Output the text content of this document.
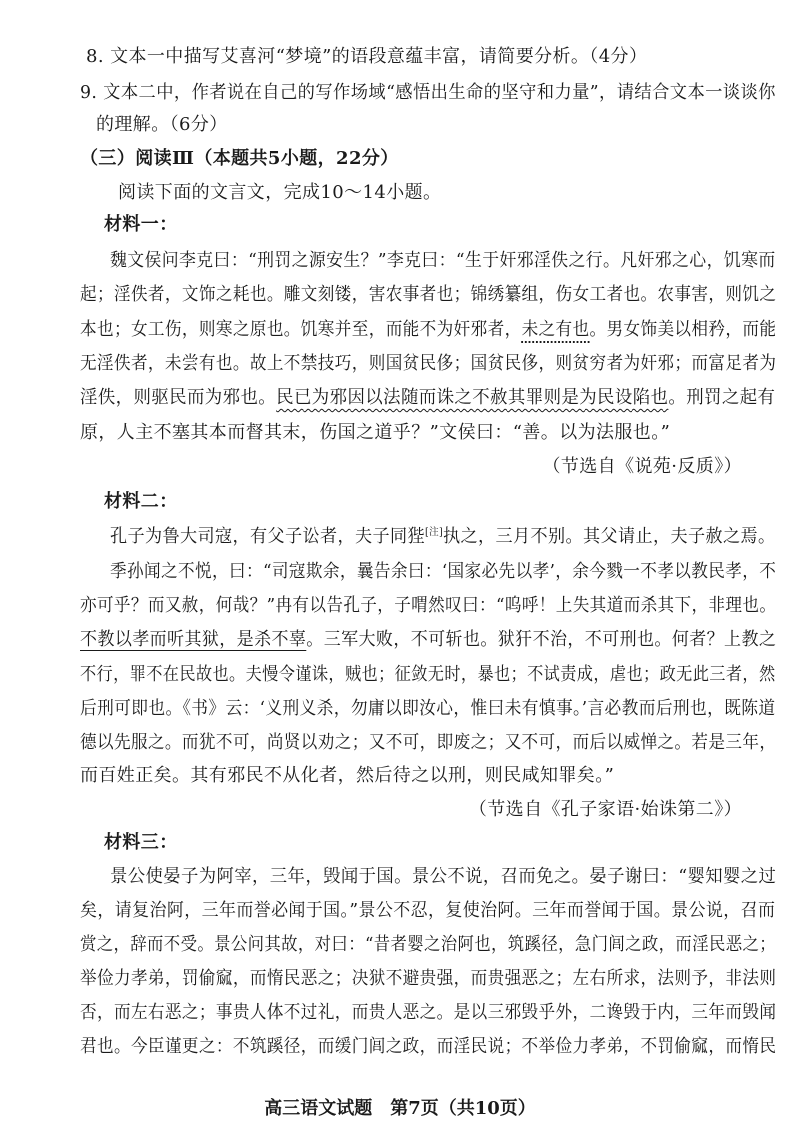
8. 文本一中描写艾喜河“梦境”的语段意蕴丰富，请简要分析。（4分）
9. 文本二中，作者说在自己的写作场域“感悟出生命的坚守和力量”，请结合文本一谈谈你
的理解。（6分）
（三）阅读Ⅲ（本题共5小题，22分）
阅读下面的文言文，完成10～14小题。
材料一：
魏文侯问李克曰：“刑罚之源安生？”李克曰：“生于奸邪淫佚之行。凡奸邪之心，饥寒而
起；淫佚者，文饰之耗也。雕文刻镂，害农事者也；锦绣纂组，伤女工者也。农事害，则饥之
本也；女工伤，则寒之原也。饥寒并至，而能不为奸邪者，未之有也。男女饰美以相矜，而能
无淫佚者，未尝有也。故上不禁技巧，则国贫民侈；国贫民侈，则贫穷者为奸邪；而富足者为
淫佚，则驱民而为邪也。民已为邪因以法随而诛之不赦其罪则是为民设陷也。刑罚之起有
原，人主不塞其本而督其末，伤国之道乎？”文侯曰：“善。以为法服也。”
（节选自《说苑·反质》）
材料二：
孔子为鲁大司寇，有父子讼者，夫子同狴[注]执之，三月不别。其父请止，夫子赦之焉。
季孙闻之不悦，曰：“司寇欺余，曩告余曰：‘国家必先以孝’，余今戮一不孝以教民孝，不
亦可乎？而又赦，何哉？”冉有以告孔子，子喟然叹曰：“呜呼！上失其道而杀其下，非理也。
不教以孝而听其狱，是杀不辜。三军大败，不可斩也。狱犴不治，不可刑也。何者？上教之
不行，罪不在民故也。夫慢令谨诛，贼也；征敛无时，暴也；不试责成，虐也；政无此三者，然
后刑可即也。《书》云：‘义刑义杀，勿庸以即汝心，惟曰未有慎事。’言必教而后刑也，既陈道
德以先服之。而犹不可，尚贤以劝之；又不可，即废之；又不可，而后以威惮之。若是三年，
而百姓正矣。其有邪民不从化者，然后待之以刑，则民咸知罪矣。”
（节选自《孔子家语·始诛第二》）
材料三：
景公使晏子为阿宰，三年，毁闻于国。景公不说，召而免之。晏子谢曰：“婴知婴之过
矣，请复治阿，三年而誉必闻于国。”景公不忍，复使治阿。三年而誉闻于国。景公说，召而
赏之，辞而不受。景公问其故，对曰：“昔者婴之治阿也，筑蹊径，急门闾之政，而淫民恶之；
举俭力孝弟，罚偷窳，而惰民恶之；决狱不避贵强，而贵强恶之；左右所求，法则予，非法则
否，而左右恶之；事贵人体不过礼，而贵人恶之。是以三邪毁乎外，二谗毁于内，三年而毁闻
君也。今臣谨更之：不筑蹊径，而缓门闾之政，而淫民说；不举俭力孝弟，不罚偷窳，而惰民
高三语文试题　第7页（共10页）
